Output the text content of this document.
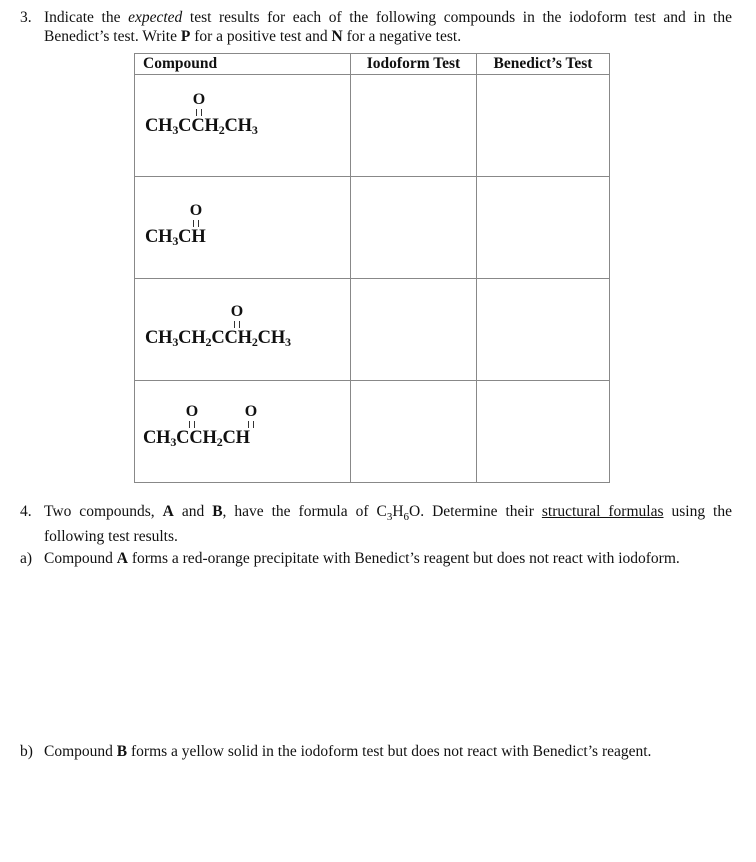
3. Indicate the expected test results for each of the following compounds in the iodoform test and in the Benedict’s test. Write P for a positive test and N for a negative test.
Compound	Iodoform Test	Benedict’s Test

O
$CH_3CCH_2CH_3$

O
$CH_3CH$		

O
$CH_3CH_2CCH_2CH_3$

O O
$CH_3CCH_2CH$		

4. Two compounds, A and B, have the formula of $C_3H_6O$. Determine their structural formulas using the following test results.
a) Compound A forms a red-orange precipitate with Benedict’s reagent but does not react with iodoform.
b) Compound B forms a yellow solid in the iodoform test but does not react with Benedict’s reagent.
